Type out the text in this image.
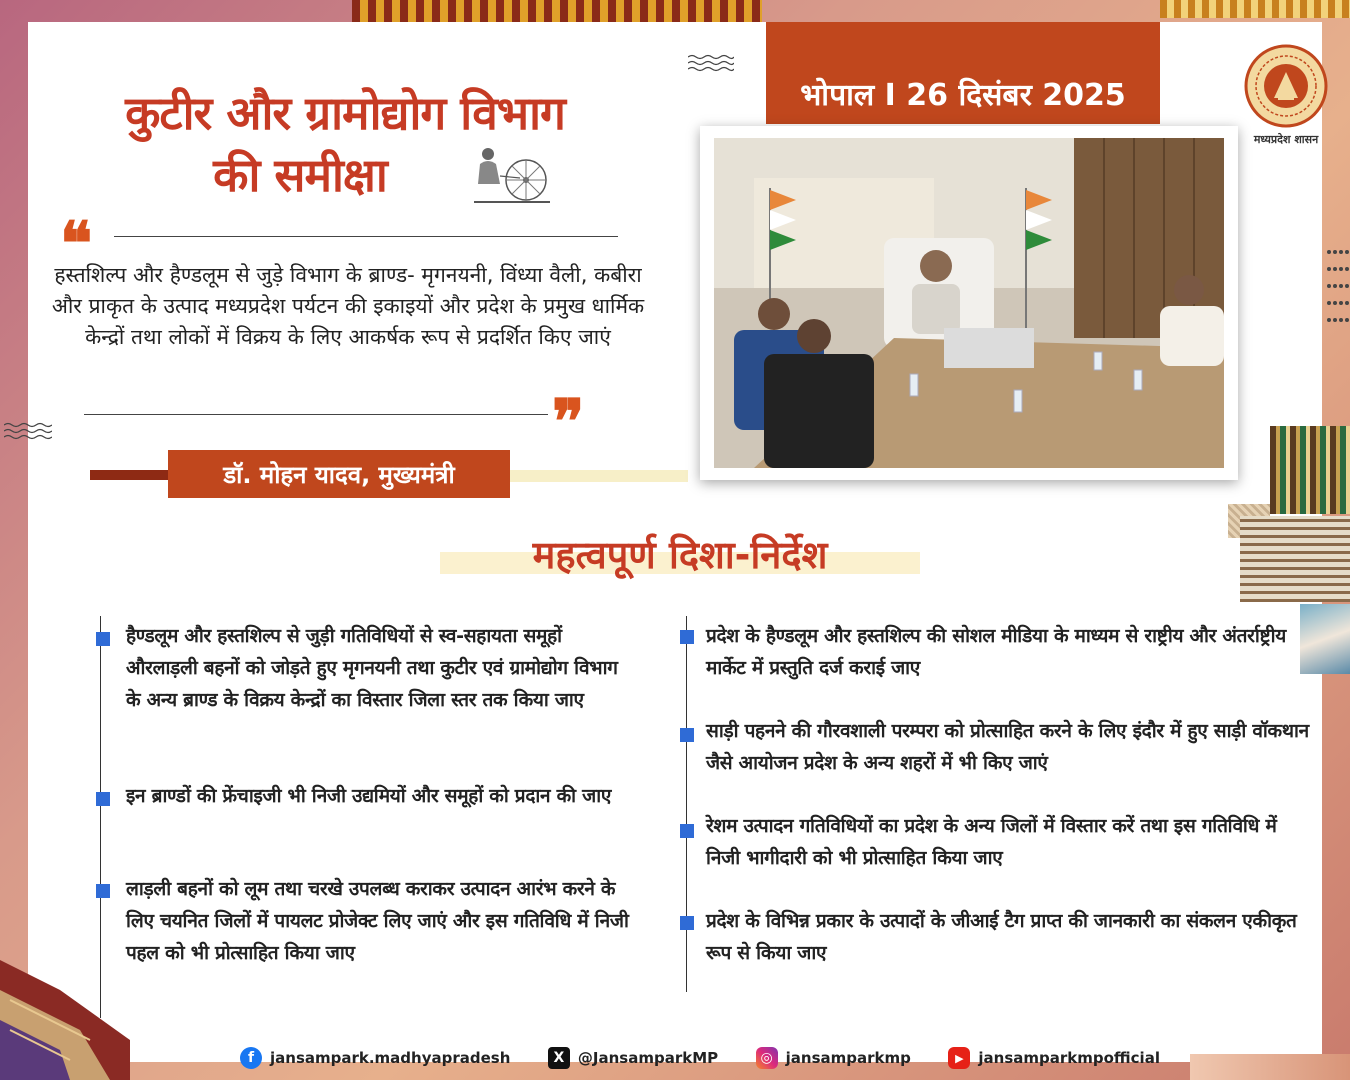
कुटीर और ग्रामोद्योग विभाग
की समीक्षा
भोपाल I 26 दिसंबर 2025
मध्यप्रदेश शासन
❝
हस्तशिल्प और हैण्डलूम से जुड़े विभाग के ब्राण्ड- मृगनयनी, विंध्या वैली, कबीरा और प्राकृत के उत्पाद मध्यप्रदेश पर्यटन की इकाइयों और प्रदेश के प्रमुख धार्मिक केन्द्रों तथा लोकों में विक्रय के लिए आकर्षक रूप से प्रदर्शित किए जाएं
❞
डॉ. मोहन यादव, मुख्यमंत्री
महत्वपूर्ण दिशा-निर्देश
हैण्डलूम और हस्तशिल्प से जुड़ी गतिविधियों से स्व-सहायता समूहों औरलाड़ली बहनों को जोड़ते हुए मृगनयनी तथा कुटीर एवं ग्रामोद्योग विभाग के अन्य ब्राण्ड के विक्रय केन्द्रों का विस्तार जिला स्तर तक किया जाए
इन ब्राण्डों की फ्रेंचाइजी भी निजी उद्यमियों और समूहों को प्रदान की जाए
लाड़ली बहनों को लूम तथा चरखे उपलब्ध कराकर उत्पादन आरंभ करने के लिए चयनित जिलों में पायलट प्रोजेक्ट लिए जाएं और इस गतिविधि में निजी पहल को भी प्रोत्साहित किया जाए
प्रदेश के हैण्डलूम और हस्तशिल्प की सोशल मीडिया के माध्यम से राष्ट्रीय और अंतर्राष्ट्रीय मार्केट में प्रस्तुति दर्ज कराई जाए
साड़ी पहनने की गौरवशाली परम्परा को प्रोत्साहित करने के लिए इंदौर में हुए साड़ी वॉकथान जैसे आयोजन प्रदेश के अन्य शहरों में भी किए जाएं
रेशम उत्पादन गतिविधियों का प्रदेश के अन्य जिलों में विस्तार करें तथा इस गतिविधि में निजी भागीदारी को भी प्रोत्साहित किया जाए
प्रदेश के विभिन्न प्रकार के उत्पादों के जीआई टैग प्राप्त की जानकारी का संकलन एकीकृत रूप से किया जाए
f	jansampark.madhyapradesh	X @JansamparkMP	◎ jansamparkmp	▶ jansamparkmpofficial
